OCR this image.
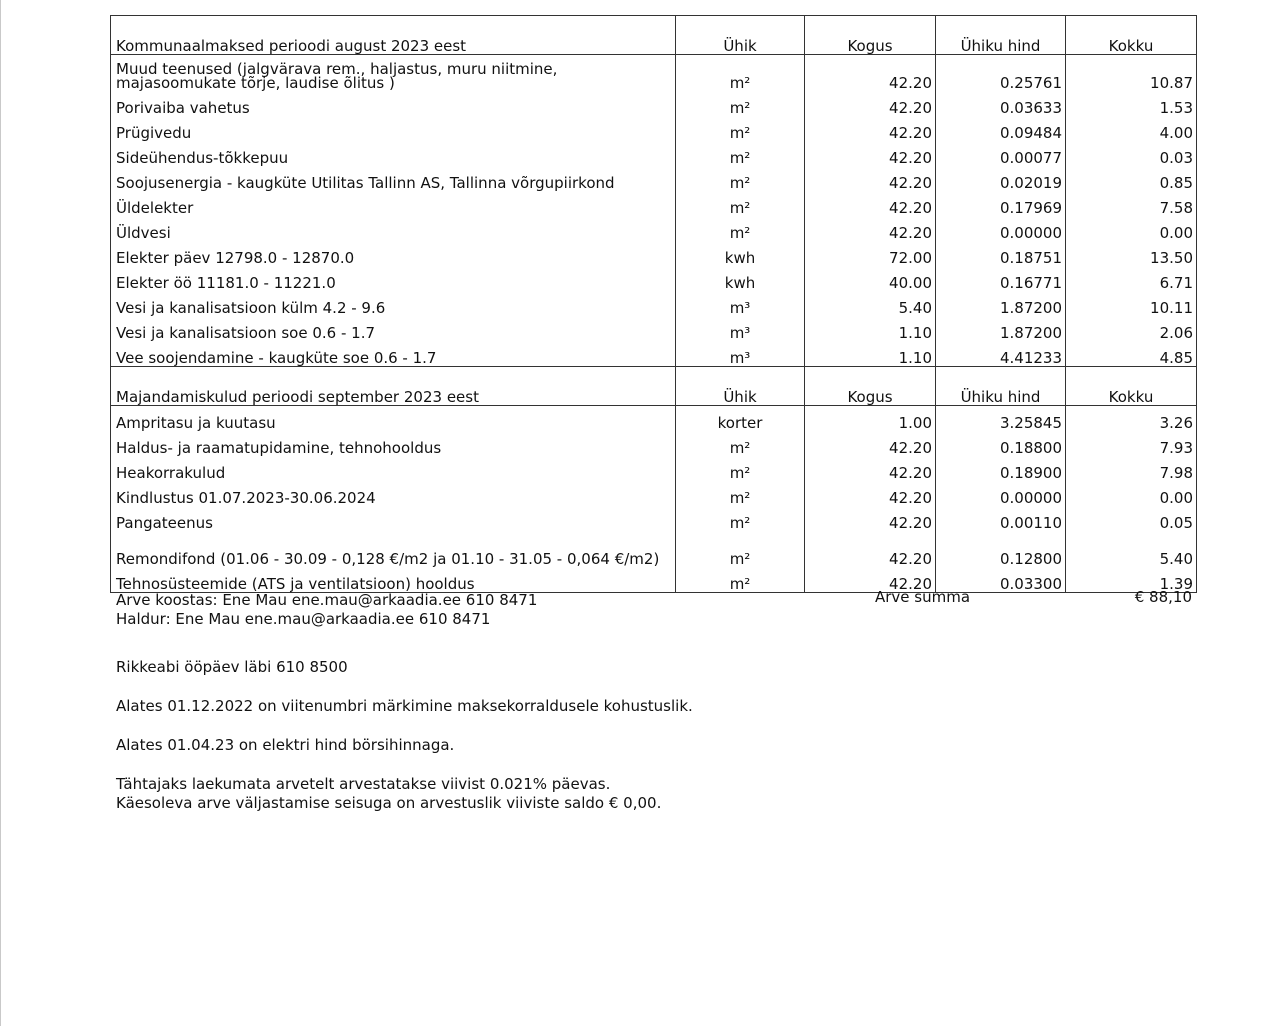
Kommunaalmaksed perioodi august 2023 eest	Ühik	Kogus	Ühiku hind	Kokku
Muud teenused (jalgvärava rem., haljastus, muru niitmine, majasoomukate tõrje, laudise õlitus )	m²	42.20	0.25761	10.87
Porivaiba vahetus	m²	42.20	0.03633	1.53
Prügivedu	m²	42.20	0.09484	4.00
Sideühendus-tõkkepuu	m²	42.20	0.00077	0.03
Soojusenergia - kaugküte Utilitas Tallinn AS, Tallinna võrgupiirkond	m²	42.20	0.02019	0.85
Üldelekter	m²	42.20	0.17969	7.58
Üldvesi	m²	42.20	0.00000	0.00
Elekter päev 12798.0 - 12870.0	kwh	72.00	0.18751	13.50
Elekter öö 11181.0 - 11221.0	kwh	40.00	0.16771	6.71
Vesi ja kanalisatsioon külm 4.2 - 9.6	m³	5.40	1.87200	10.11
Vesi ja kanalisatsioon soe 0.6 - 1.7	m³	1.10	1.87200	2.06
Vee soojendamine - kaugküte soe 0.6 - 1.7	m³	1.10	4.41233	4.85
Majandamiskulud perioodi september 2023 eest	Ühik	Kogus	Ühiku hind	Kokku
Ampritasu ja kuutasu	korter	1.00	3.25845	3.26
Haldus- ja raamatupidamine, tehnohooldus	m²	42.20	0.18800	7.93
Heakorrakulud	m²	42.20	0.18900	7.98
Kindlustus 01.07.2023-30.06.2024	m²	42.20	0.00000	0.00
Pangateenus	m²	42.20	0.00110	0.05
Remondifond (01.06 - 30.09 - 0,128 €/m2 ja 01.10 - 31.05 - 0,064 €/m2)	m²	42.20	0.12800	5.40
Tehnosüsteemide (ATS ja ventilatsioon) hooldus	m²	42.20	0.03300	1.39
Arve summa	€ 88,10
Arve koostas: Ene Mau ene.mau@arkaadia.ee 610 8471
Haldur: Ene Mau ene.mau@arkaadia.ee 610 8471
Rikkeabi ööpäev läbi 610 8500
Alates 01.12.2022 on viitenumbri märkimine maksekorraldusele kohustuslik.
Alates 01.04.23 on elektri hind börsihinnaga.
Tähtajaks laekumata arvetelt arvestatakse viivist 0.021% päevas.
Käesoleva arve väljastamise seisuga on arvestuslik viiviste saldo € 0,00.
